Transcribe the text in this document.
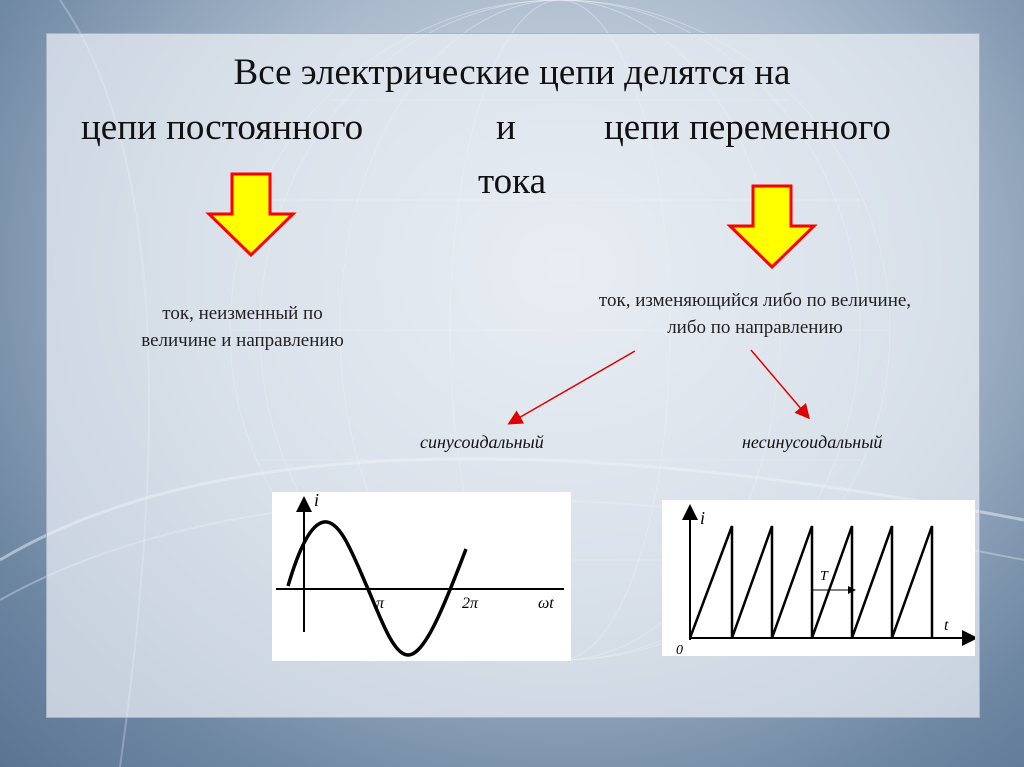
Все электрические цепи делятся на
цепи постоянного	и цепи переменного
тока
ток, неизменный по
величине и направлению
ток, изменяющийся либо по величине,
либо по направлению
синусоидальный	несинусоидальный
i
π	2π	ωt
i
T
0
t
